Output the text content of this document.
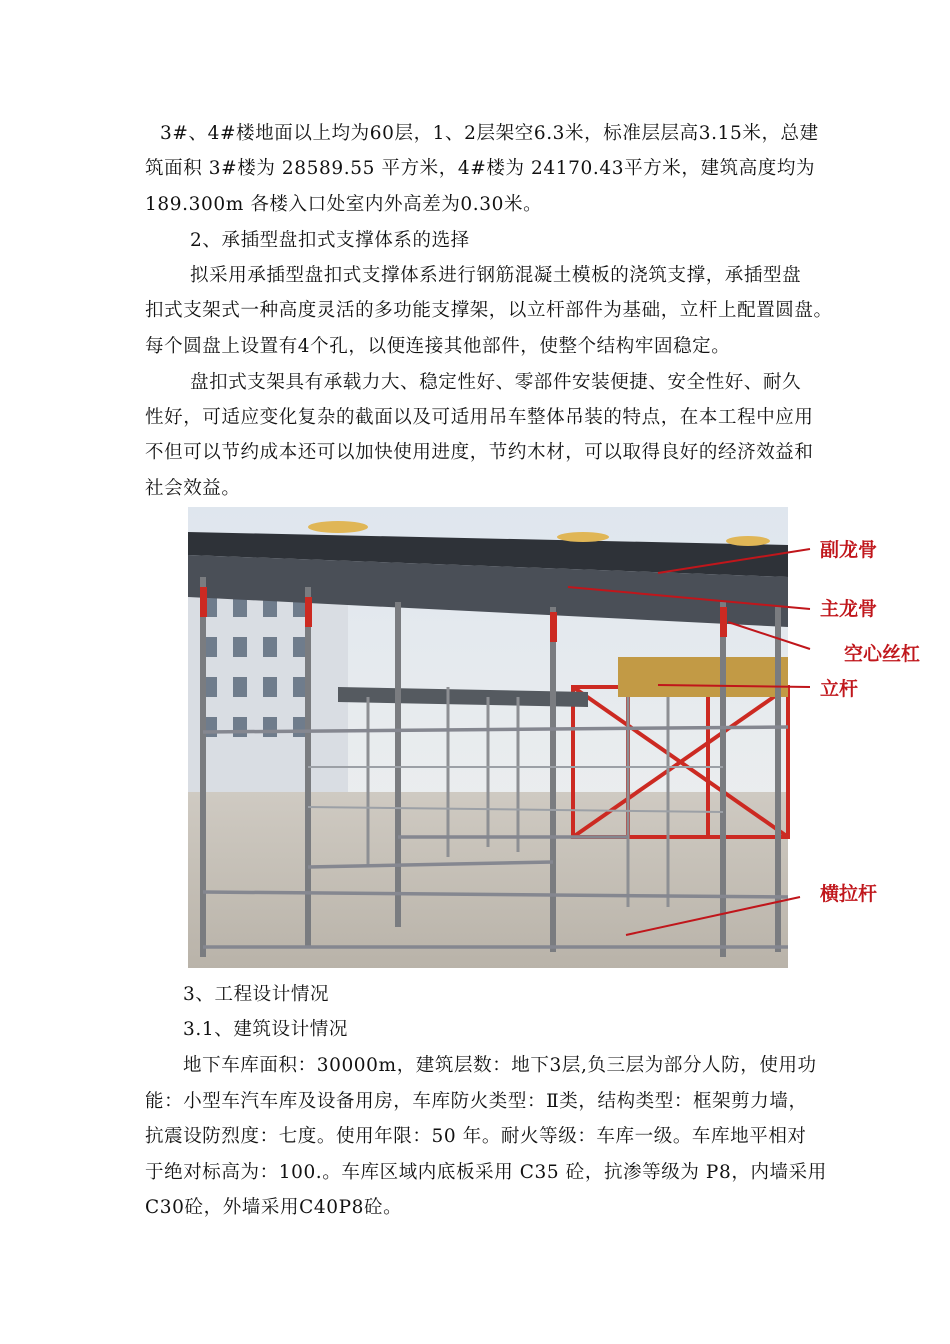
3#、4#楼地面以上均为60层，1、2层架空6.3米，标准层层高3.15米，总建
筑面积 3#楼为 28589.55 平方米，4#楼为 24170.43平方米，建筑高度均为
189.300m 各楼入口处室内外高差为0.30米。
2、承插型盘扣式支撑体系的选择
拟采用承插型盘扣式支撑体系进行钢筋混凝土模板的浇筑支撑，承插型盘
扣式支架式一种高度灵活的多功能支撑架，以立杆部件为基础，立杆上配置圆盘。
每个圆盘上设置有4个孔，以便连接其他部件，使整个结构牢固稳定。
盘扣式支架具有承载力大、稳定性好、零部件安装便捷、安全性好、耐久
性好，可适应变化复杂的截面以及可适用吊车整体吊装的特点，在本工程中应用
不但可以节约成本还可以加快使用进度，节约木材，可以取得良好的经济效益和
社会效益。
副龙骨
主龙骨
空心丝杠
立杆
横拉杆
3、工程设计情况
3.1、建筑设计情况
地下车库面积：30000m，建筑层数：地下3层,负三层为部分人防，使用功
能：小型车汽车库及设备用房，车库防火类型：Ⅱ类，结构类型：框架剪力墙，
抗震设防烈度：七度。使用年限：50 年。耐火等级：车库一级。车库地平相对
于绝对标高为：100.。车库区域内底板采用 C35 砼，抗渗等级为 P8，内墙采用
C30砼，外墙采用C40P8砼。
